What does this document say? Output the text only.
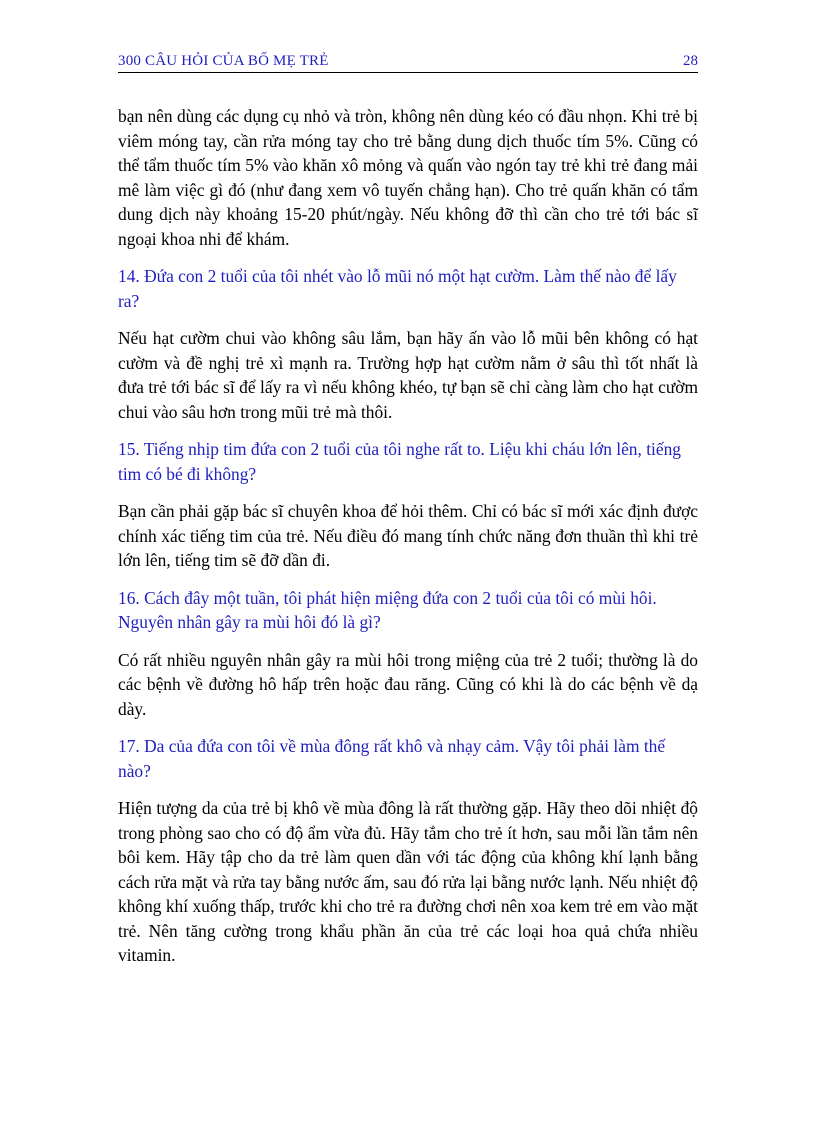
300 CÂU HỎI CỦA BỐ MẸ TRẺ	28

bạn nên dùng các dụng cụ nhỏ và tròn, không nên dùng kéo có đầu nhọn. Khi trẻ bị viêm móng tay, cần rửa móng tay cho trẻ bằng dung dịch thuốc tím 5%. Cũng có thể tẩm thuốc tím 5% vào khăn xô mỏng và quấn vào ngón tay trẻ khi trẻ đang mải mê làm việc gì đó (như đang xem vô tuyến chẳng hạn). Cho trẻ quấn khăn có tẩm dung dịch này khoảng 15-20 phút/ngày. Nếu không đỡ thì cần cho trẻ tới bác sĩ ngoại khoa nhi để khám.

14. Đứa con 2 tuổi của tôi nhét vào lỗ mũi nó một hạt cườm. Làm thế nào để lấy ra?

Nếu hạt cườm chui vào không sâu lắm, bạn hãy ấn vào lỗ mũi bên không có hạt cườm và đề nghị trẻ xì mạnh ra. Trường hợp hạt cườm nằm ở sâu thì tốt nhất là đưa trẻ tới bác sĩ để lấy ra vì nếu không khéo, tự bạn sẽ chỉ càng làm cho hạt cườm chui vào sâu hơn trong mũi trẻ mà thôi.

15. Tiếng nhịp tim đứa con 2 tuổi của tôi nghe rất to. Liệu khi cháu lớn lên, tiếng tim có bé đi không?

Bạn cần phải gặp bác sĩ chuyên khoa để hỏi thêm. Chỉ có bác sĩ mới xác định được chính xác tiếng tim của trẻ. Nếu điều đó mang tính chức năng đơn thuần thì khi trẻ lớn lên, tiếng tim sẽ đỡ dần đi.

16. Cách đây một tuần, tôi phát hiện miệng đứa con 2 tuổi của tôi có mùi hôi. Nguyên nhân gây ra mùi hôi đó là gì?

Có rất nhiều nguyên nhân gây ra mùi hôi trong miệng của trẻ 2 tuổi; thường là do các bệnh về đường hô hấp trên hoặc đau răng. Cũng có khi là do các bệnh về dạ dày.

17. Da của đứa con tôi về mùa đông rất khô và nhạy cảm. Vậy tôi phải làm thế nào?

Hiện tượng da của trẻ bị khô về mùa đông là rất thường gặp. Hãy theo dõi nhiệt độ trong phòng sao cho có độ ẩm vừa đủ. Hãy tắm cho trẻ ít hơn, sau mỗi lần tắm nên bôi kem. Hãy tập cho da trẻ làm quen dần với tác động của không khí lạnh bằng cách rửa mặt và rửa tay bằng nước ấm, sau đó rửa lại bằng nước lạnh. Nếu nhiệt độ không khí xuống thấp, trước khi cho trẻ ra đường chơi nên xoa kem trẻ em vào mặt trẻ. Nên tăng cường trong khẩu phần ăn của trẻ các loại hoa quả chứa nhiều vitamin.
